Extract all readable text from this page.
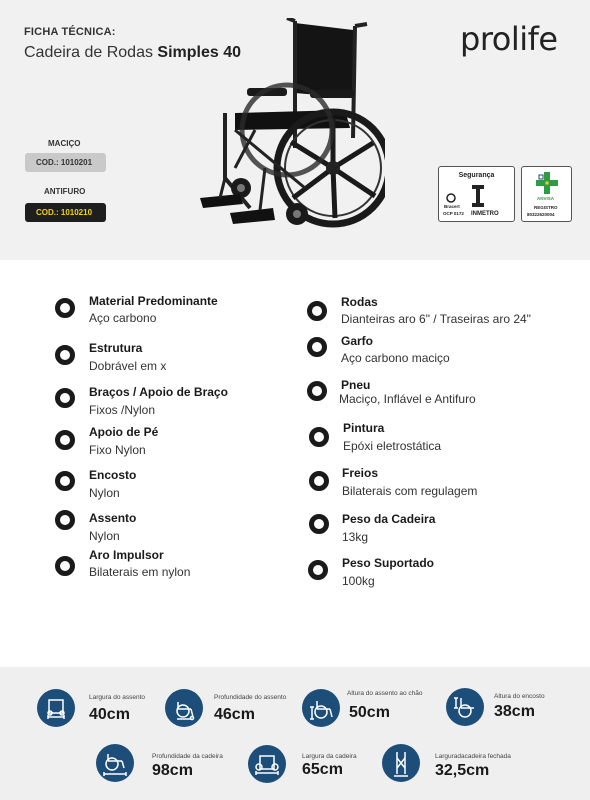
FICHA TÉCNICA:
Cadeira de Rodas Simples 40	prolife
MACIÇO
COD.: 1010201
ANTIFURO
COD.: 1010210
Segurança
Bracert
OCP 0172 INMETRO
ANVISA
REGISTRO
80322620004
Material Predominante
Aço carbono
Estrutura
Dobrável em x
Braços / Apoio de Braço
Fixos /Nylon
Apoio de Pé
Fixo Nylon
Encosto
Nylon
Assento
Nylon
Aro Impulsor
Bilaterais em nylon
Rodas
Dianteiras aro 6" / Traseiras aro 24"
Garfo
Aço carbono maciço
Pneu
Maciço, Inflável e Antifuro
Pintura
Epóxi eletrostática
Freios
Bilaterais com regulagem
Peso da Cadeira
13kg
Peso Suportado
100kg
Largura do assento
40cm
Profundidade do assento
46cm
Altura do assento ao chão
50cm
Altura do encosto
38cm
Profundidade da cadeira
98cm
Largura da cadeira
65cm
Larguradacadeira fechada
32,5cm
